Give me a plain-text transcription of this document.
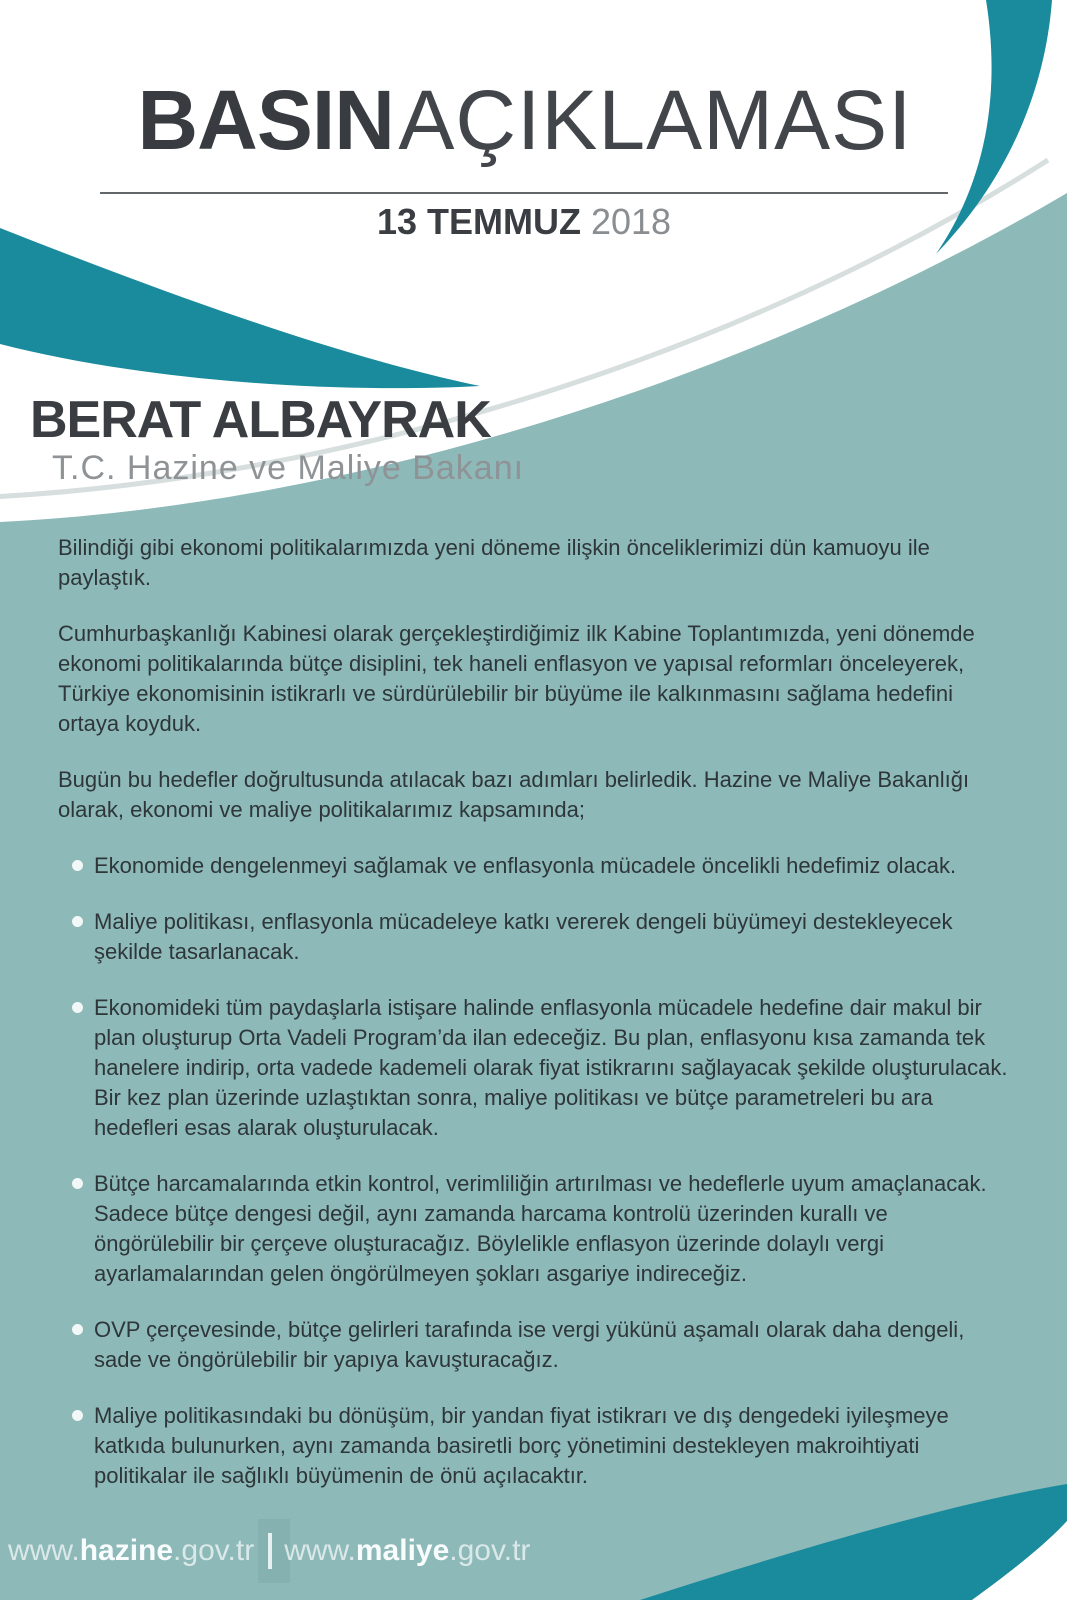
BASIN AÇIKLAMASI
13 TEMMUZ 2018
BERAT ALBAYRAK
T.C. Hazine ve Maliye Bakanı

Bilindiği gibi ekonomi politikalarımızda yeni döneme ilişkin önceliklerimizi dün kamuoyu ile paylaştık.

Cumhurbaşkanlığı Kabinesi olarak gerçekleştirdiğimiz ilk Kabine Toplantımızda, yeni dönemde ekonomi politikalarında bütçe disiplini, tek haneli enflasyon ve yapısal reformları önceleyerek, Türkiye ekonomisinin istikrarlı ve sürdürülebilir bir büyüme ile kalkınmasını sağlama hedefini ortaya koyduk.

Bugün bu hedefler doğrultusunda atılacak bazı adımları belirledik. Hazine ve Maliye Bakanlığı olarak, ekonomi ve maliye politikalarımız kapsamında;

Ekonomide dengelenmeyi sağlamak ve enflasyonla mücadele öncelikli hedefimiz olacak.
Maliye politikası, enflasyonla mücadeleye katkı vererek dengeli büyümeyi destekleyecek şekilde tasarlanacak.
Ekonomideki tüm paydaşlarla istişare halinde enflasyonla mücadele hedefine dair makul bir plan oluşturup Orta Vadeli Program’da ilan edeceğiz. Bu plan, enflasyonu kısa zamanda tek hanelere indirip, orta vadede kademeli olarak fiyat istikrarını sağlayacak şekilde oluşturulacak. Bir kez plan üzerinde uzlaştıktan sonra, maliye politikası ve bütçe parametreleri bu ara hedefleri esas alarak oluşturulacak.
Bütçe harcamalarında etkin kontrol, verimliliğin artırılması ve hedeflerle uyum amaçlanacak. Sadece bütçe dengesi değil, aynı zamanda harcama kontrolü üzerinden kurallı ve öngörülebilir bir çerçeve oluşturacağız. Böylelikle enflasyon üzerinde dolaylı vergi ayarlamalarından gelen öngörülmeyen şokları asgariye indireceğiz.
OVP çerçevesinde, bütçe gelirleri tarafında ise vergi yükünü aşamalı olarak daha dengeli, sade ve öngörülebilir bir yapıya kavuşturacağız.
Maliye politikasındaki bu dönüşüm, bir yandan fiyat istikrarı ve dış dengedeki iyileşmeye katkıda bulunurken, aynı zamanda basiretli borç yönetimini destekleyen makroihtiyati politikalar ile sağlıklı büyümenin de önü açılacaktır.
www.hazine.gov.tr www.maliye.gov.tr
